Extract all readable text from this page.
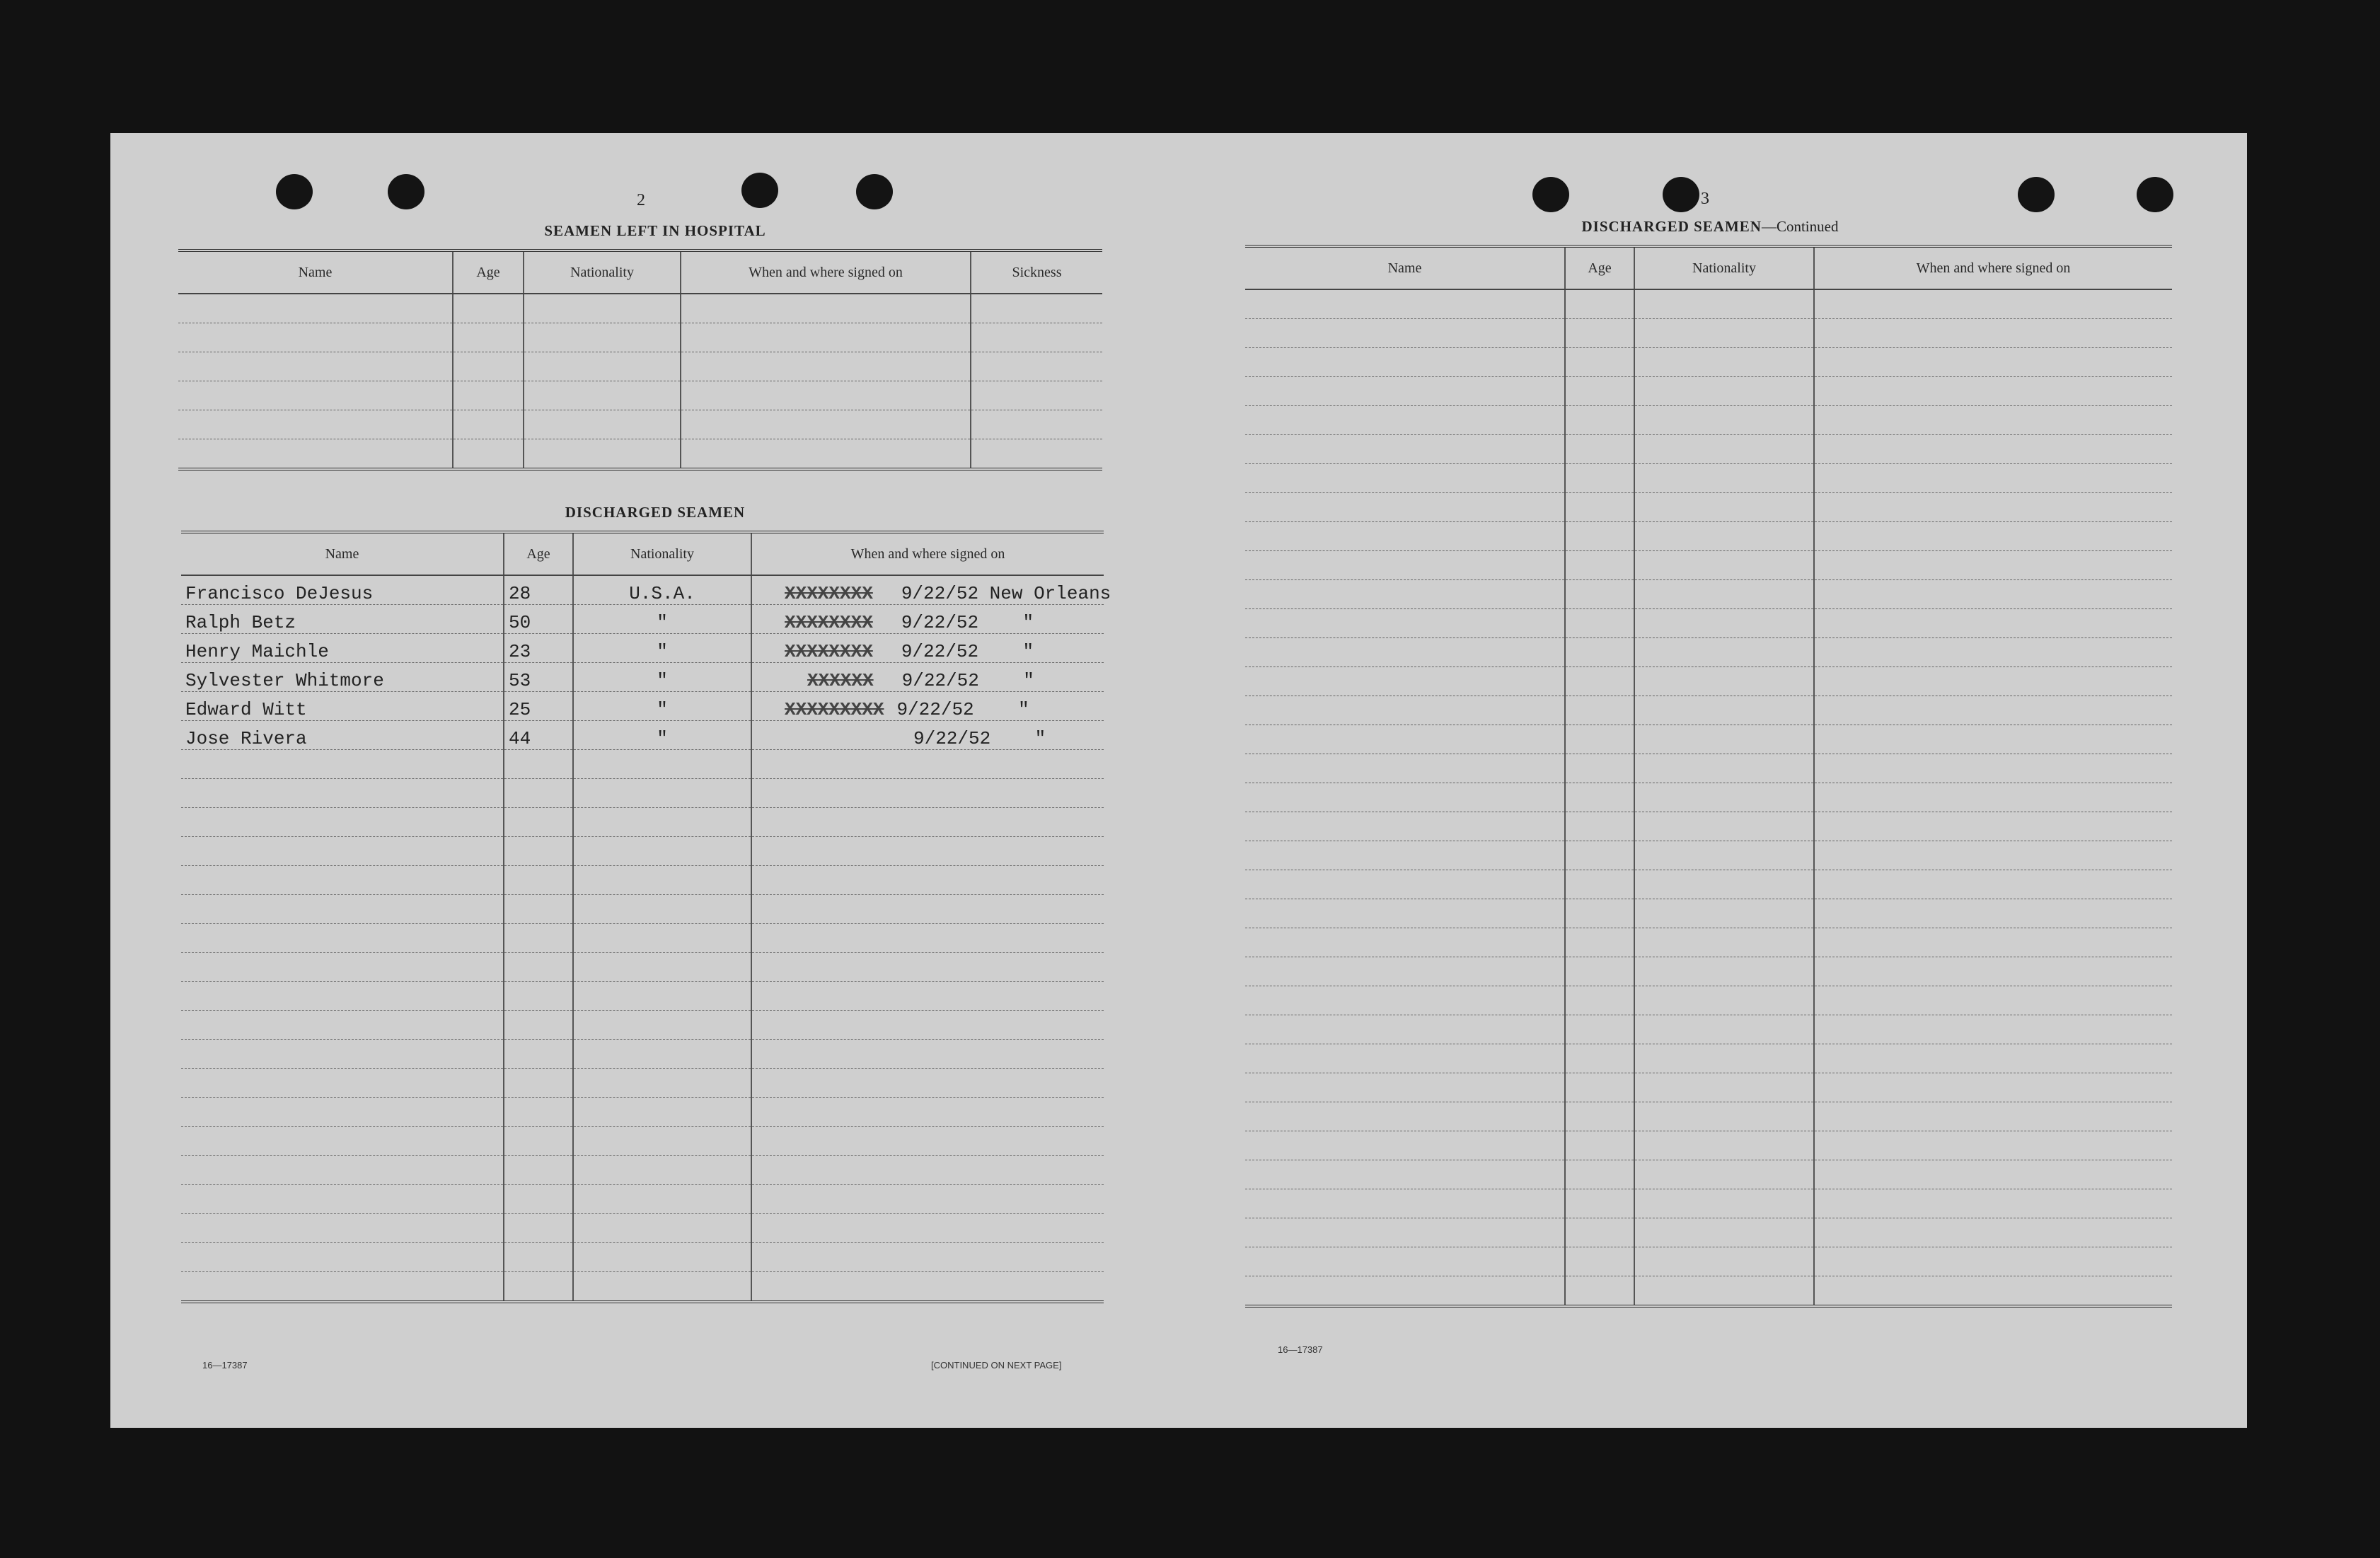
2
SEAMEN LEFT IN HOSPITAL
Name	Age	Nationality	When and where signed on	Sickness

DISCHARGED SEAMEN
Name	Age	Nationality	When and where signed on
Francisco DeJesus	28	U.S.A.	XXXXXXXX 9/22/52 New Orleans
Ralph Betz	50	"	XXXXXXXX 9/22/52 "
Henry Maichle	23	"	XXXXXXXX 9/22/52 "
Sylvester Whitmore	53	"	XXXXXX 9/22/52 "
Edward Witt	25	"	XXXXXXXXX 9/22/52 "
Jose Rivera	44	"	9/22/52 "

16—17387	[CONTINUED ON NEXT PAGE]
3
DISCHARGED SEAMEN—Continued
Name	Age	Nationality	When and where signed on

16—17387
